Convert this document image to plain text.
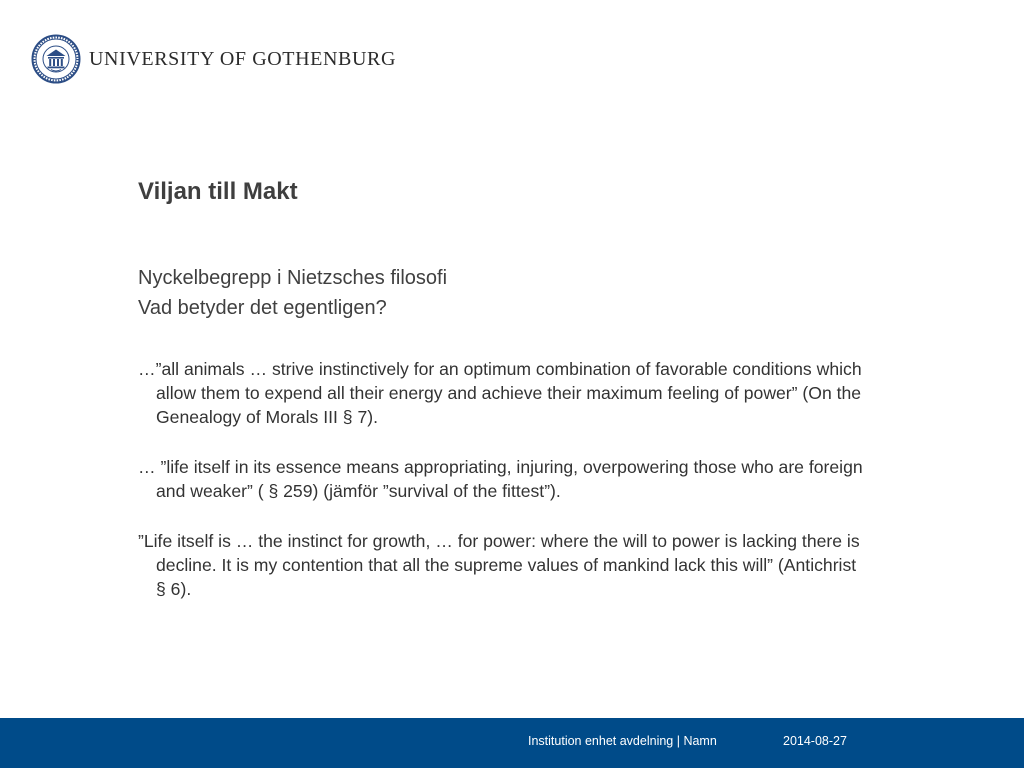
UNIVERSITY OF GOTHENBURG
Viljan till Makt

Nyckelbegrepp i Nietzsches filosofi

Vad betyder det egentligen?

…”all animals … strive instinctively for an optimum combination of favorable conditions which allow them to expend all their energy and achieve their maximum feeling of power” (On the Genealogy of Morals III § 7).

… ”life itself in its essence means appropriating, injuring, overpowering those who are foreign and weaker” ( § 259) (jämför ”survival of the fittest”).

”Life itself is … the instinct for growth, … for power: where the will to power is lacking there is decline. It is my contention that all the supreme values of mankind lack this will” (Antichrist § 6).

Institution enhet avdelning | Namn	2014-08-27
